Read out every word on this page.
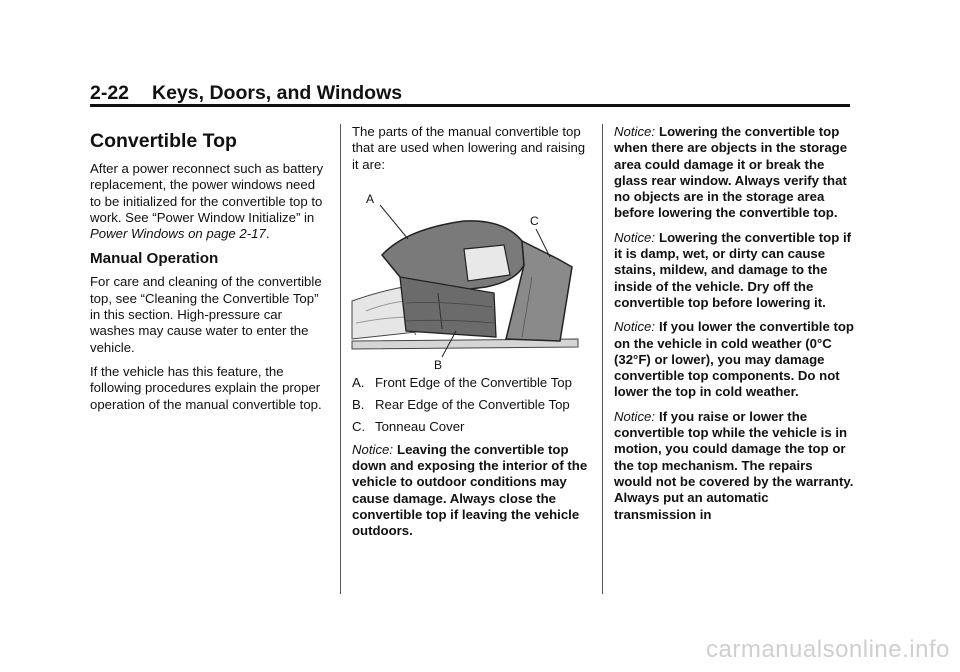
2-22 Keys, Doors, and Windows
Convertible Top

After a power reconnect such as battery replacement, the power windows need to be initialized for the convertible top to work. See “Power Window Initialize” in Power Windows on page 2-17.

Manual Operation

For care and cleaning of the convertible top, see “Cleaning the Convertible Top” in this section. High-pressure car washes may cause water to enter the vehicle.

If the vehicle has this feature, the following procedures explain the proper operation of the manual convertible top.

The parts of the manual convertible top that are used when lowering and raising it are:

A
C
B
A. Front Edge of the Convertible Top
B. Rear Edge of the Convertible Top
C. Tonneau Cover

Notice: Leaving the convertible top down and exposing the interior of the vehicle to outdoor conditions may cause damage. Always close the convertible top if leaving the vehicle outdoors.

Notice: Lowering the convertible top when there are objects in the storage area could damage it or break the glass rear window. Always verify that no objects are in the storage area before lowering the convertible top.

Notice: Lowering the convertible top if it is damp, wet, or dirty can cause stains, mildew, and damage to the inside of the vehicle. Dry off the convertible top before lowering it.

Notice: If you lower the convertible top on the vehicle in cold weather (0°C (32°F) or lower), you may damage convertible top components. Do not lower the top in cold weather.

Notice: If you raise or lower the convertible top while the vehicle is in motion, you could damage the top or the top mechanism. The repairs would not be covered by the warranty. Always put an automatic transmission in

carmanualsonline.info
